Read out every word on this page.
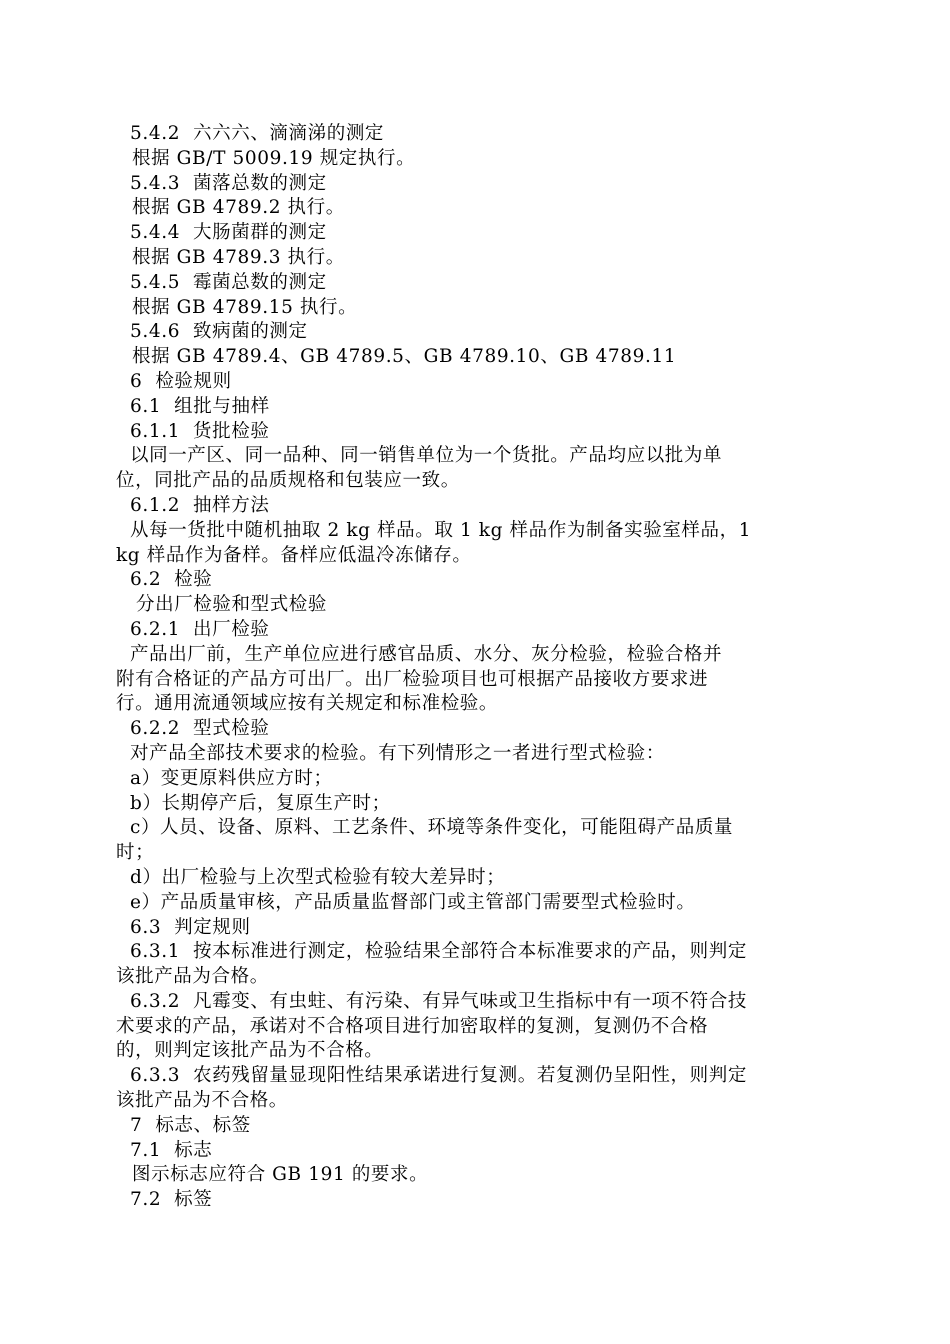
5.4.2  六六六、滴滴涕的测定

根据 GB/T 5009.19 规定执行。

5.4.3  菌落总数的测定

根据 GB 4789.2 执行。

5.4.4  大肠菌群的测定

根据 GB 4789.3 执行。

5.4.5  霉菌总数的测定

根据 GB 4789.15 执行。

5.4.6  致病菌的测定

根据 GB 4789.4、GB 4789.5、GB 4789.10、GB 4789.11

6  检验规则

6.1  组批与抽样

6.1.1  货批检验

以同一产区、同一品种、同一销售单位为一个货批。产品均应以批为单

位，同批产品的品质规格和包装应一致。

6.1.2  抽样方法

从每一货批中随机抽取 2 kg 样品。取 1 kg 样品作为制备实验室样品，1

kg 样品作为备样。备样应低温冷冻储存。

6.2  检验

分出厂检验和型式检验

6.2.1  出厂检验

产品出厂前，生产单位应进行感官品质、水分、灰分检验，检验合格并

附有合格证的产品方可出厂。出厂检验项目也可根据产品接收方要求进

行。通用流通领域应按有关规定和标准检验。

6.2.2  型式检验

对产品全部技术要求的检验。有下列情形之一者进行型式检验：

a）变更原料供应方时；

b）长期停产后，复原生产时；

c）人员、设备、原料、工艺条件、环境等条件变化，可能阻碍产品质量

时；

d）出厂检验与上次型式检验有较大差异时；

e）产品质量审核，产品质量监督部门或主管部门需要型式检验时。

6.3  判定规则

6.3.1  按本标准进行测定，检验结果全部符合本标准要求的产品，则判定

该批产品为合格。

6.3.2  凡霉变、有虫蛀、有污染、有异气味或卫生指标中有一项不符合技

术要求的产品，承诺对不合格项目进行加密取样的复测，复测仍不合格

的，则判定该批产品为不合格。

6.3.3  农药残留量显现阳性结果承诺进行复测。若复测仍呈阳性，则判定

该批产品为不合格。

7  标志、标签

7.1  标志

图示标志应符合 GB 191 的要求。

7.2  标签
